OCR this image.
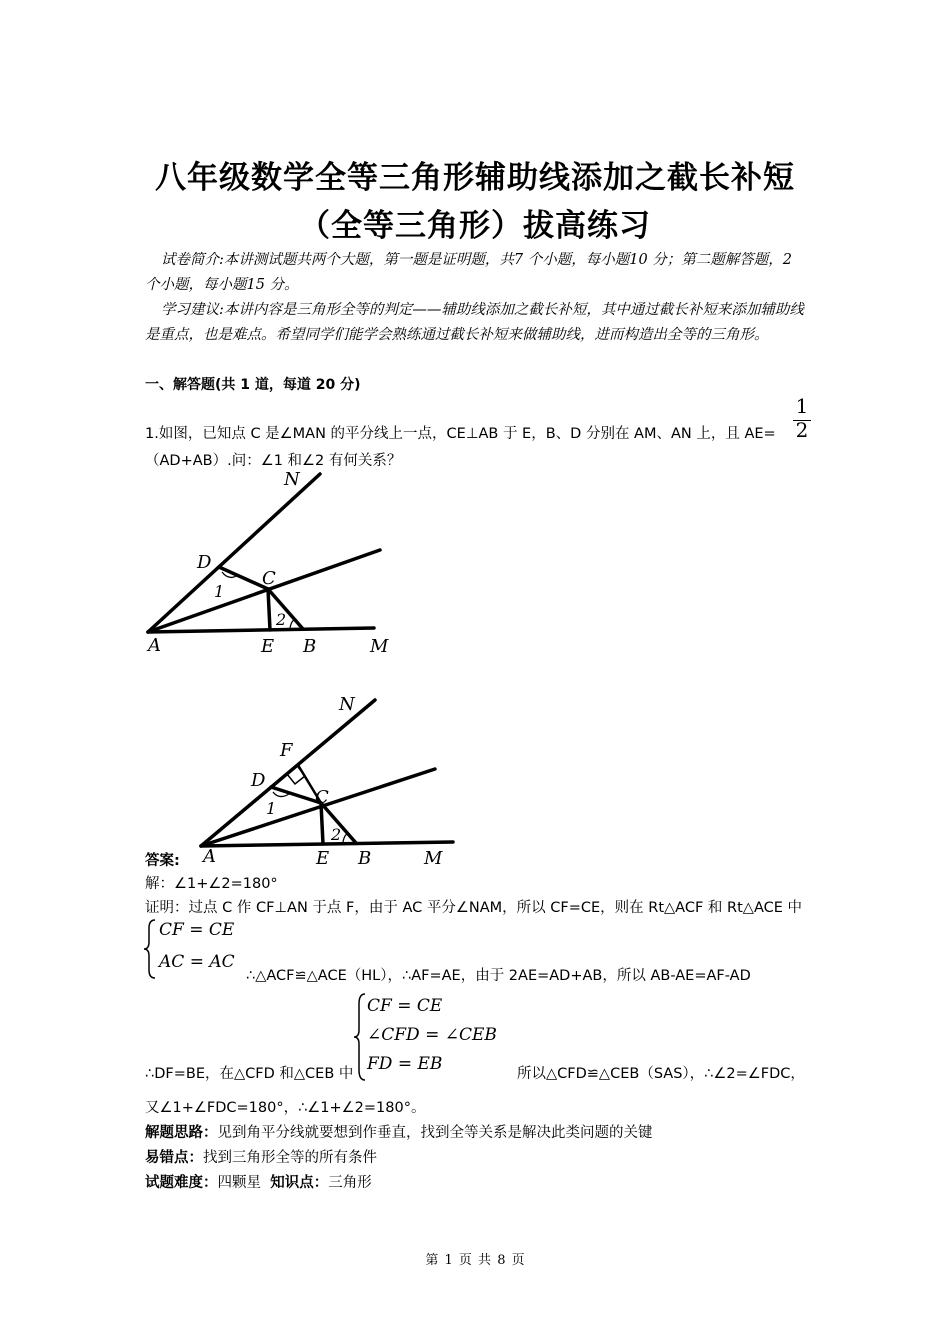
八年级数学全等三角形辅助线添加之截长补短
（全等三角形）拔高练习
试卷简介:本讲测试题共两个大题，第一题是证明题，共7 个小题，每小题10 分；第二题解答题，2 个小题，每小题15 分。
学习建议:本讲内容是三角形全等的判定——辅助线添加之截长补短，其中通过截长补短来添加辅助线是重点，也是难点。希望同学们能学会熟练通过截长补短来做辅助线，进而构造出全等的三角形。
一、解答题(共 1 道，每道 20 分)
1.如图，已知点 C 是∠MAN 的平分线上一点，CE⊥AB 于 E，B、D 分别在 AM、AN 上，且 AE=
1
2
（AD+AB）.问：∠1 和∠2 有何关系？
N
D
C
1
2
A	E B	M
N
F
D
C
1
2
A	E B	M
答案:
解：∠1+∠2=180°
证明：过点 C 作 CF⊥AN 于点 F，由于 AC 平分∠NAM，所以 CF=CE，则在 Rt△ACF 和 Rt△ACE 中
CF = CE
AC = AC
∴△ACF≌△ACE（HL），∴AF=AE，由于 2AE=AD+AB，所以 AB-AE=AF-AD
CF = CE
∠CFD = ∠CEB
FD = EB
∴DF=BE，在△CFD 和△CEB 中	所以△CFD≌△CEB（SAS），∴∠2=∠FDC，
又∠1+∠FDC=180°，∴∠1+∠2=180°。
解题思路：见到角平分线就要想到作垂直，找到全等关系是解决此类问题的关键
易错点：找到三角形全等的所有条件
试题难度：四颗星 知识点：三角形
第 1 页 共 8 页
